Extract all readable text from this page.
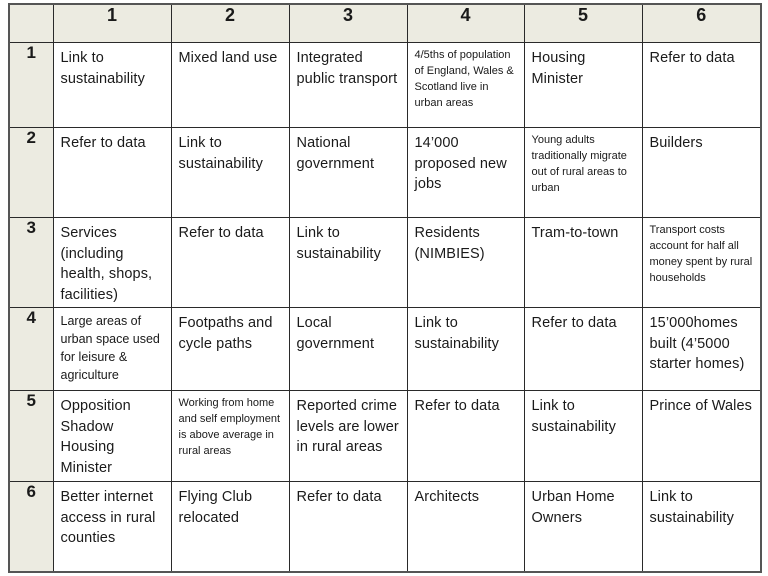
	1	2	3	4	5	6
1	Link to sustainability	Mixed land use	Integrated public transport	4/5ths of population of England, Wales & Scotland live in urban areas	Housing Minister	Refer to data

2	Refer to data	Link to sustainability	National government	14’000 proposed new jobs	Young adults traditionally migrate out of rural areas to urban	Builders

3	Services (including health, shops, facilities)	Refer to data	Link to sustainability	Residents (NIMBIES)	Tram-to-town	Transport costs account for half all money spent by rural households

4	Large areas of urban space used for leisure & agriculture	Footpaths and cycle paths	Local government	Link to sustainability	Refer to data	15’000homes built (4’5000 starter homes)

5	Opposition Shadow Housing Minister	Working from home and self employment is above average in rural areas	Reported crime levels are lower in rural areas	Refer to data	Link to sustainability	Prince of Wales

6	Better internet access in rural counties	Flying Club relocated	Refer to data	Architects	Urban Home Owners	Link to sustainability
